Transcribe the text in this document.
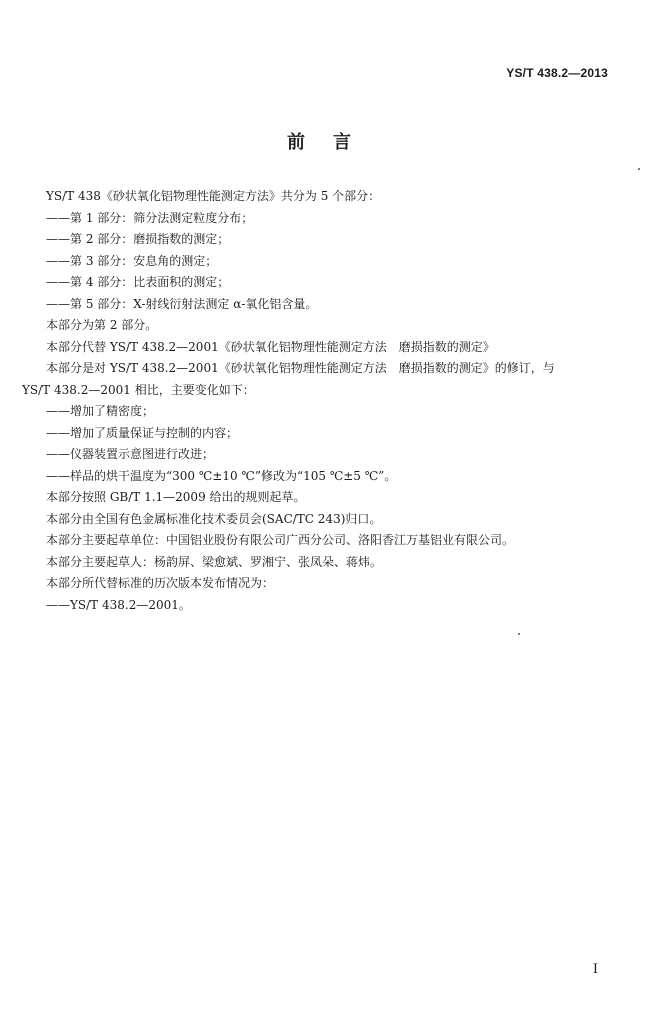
YS/T 438.2—2013
前 言
YS/T 438《砂状氧化铝物理性能测定方法》共分为 5 个部分：
——第 1 部分：筛分法测定粒度分布；
——第 2 部分：磨损指数的测定；
——第 3 部分：安息角的测定；
——第 4 部分：比表面积的测定；
——第 5 部分：X-射线衍射法测定 α-氧化铝含量。
本部分为第 2 部分。
本部分代替 YS/T 438.2—2001《砂状氧化铝物理性能测定方法　磨损指数的测定》
本部分是对 YS/T 438.2—2001《砂状氧化铝物理性能测定方法　磨损指数的测定》的修订，与
YS/T 438.2—2001 相比，主要变化如下：
——增加了精密度；
——增加了质量保证与控制的内容；
——仪器装置示意图进行改进；
——样品的烘干温度为“300 ℃±10 ℃”修改为“105 ℃±5 ℃”。
本部分按照 GB/T 1.1—2009 给出的规则起草。
本部分由全国有色金属标准化技术委员会(SAC/TC 243)归口。
本部分主要起草单位：中国铝业股份有限公司广西分公司、洛阳香江万基铝业有限公司。
本部分主要起草人：杨韵屏、梁愈斌、罗湘宁、张凤朵、蒋炜。
本部分所代替标准的历次版本发布情况为：
——YS/T 438.2—2001。
I
